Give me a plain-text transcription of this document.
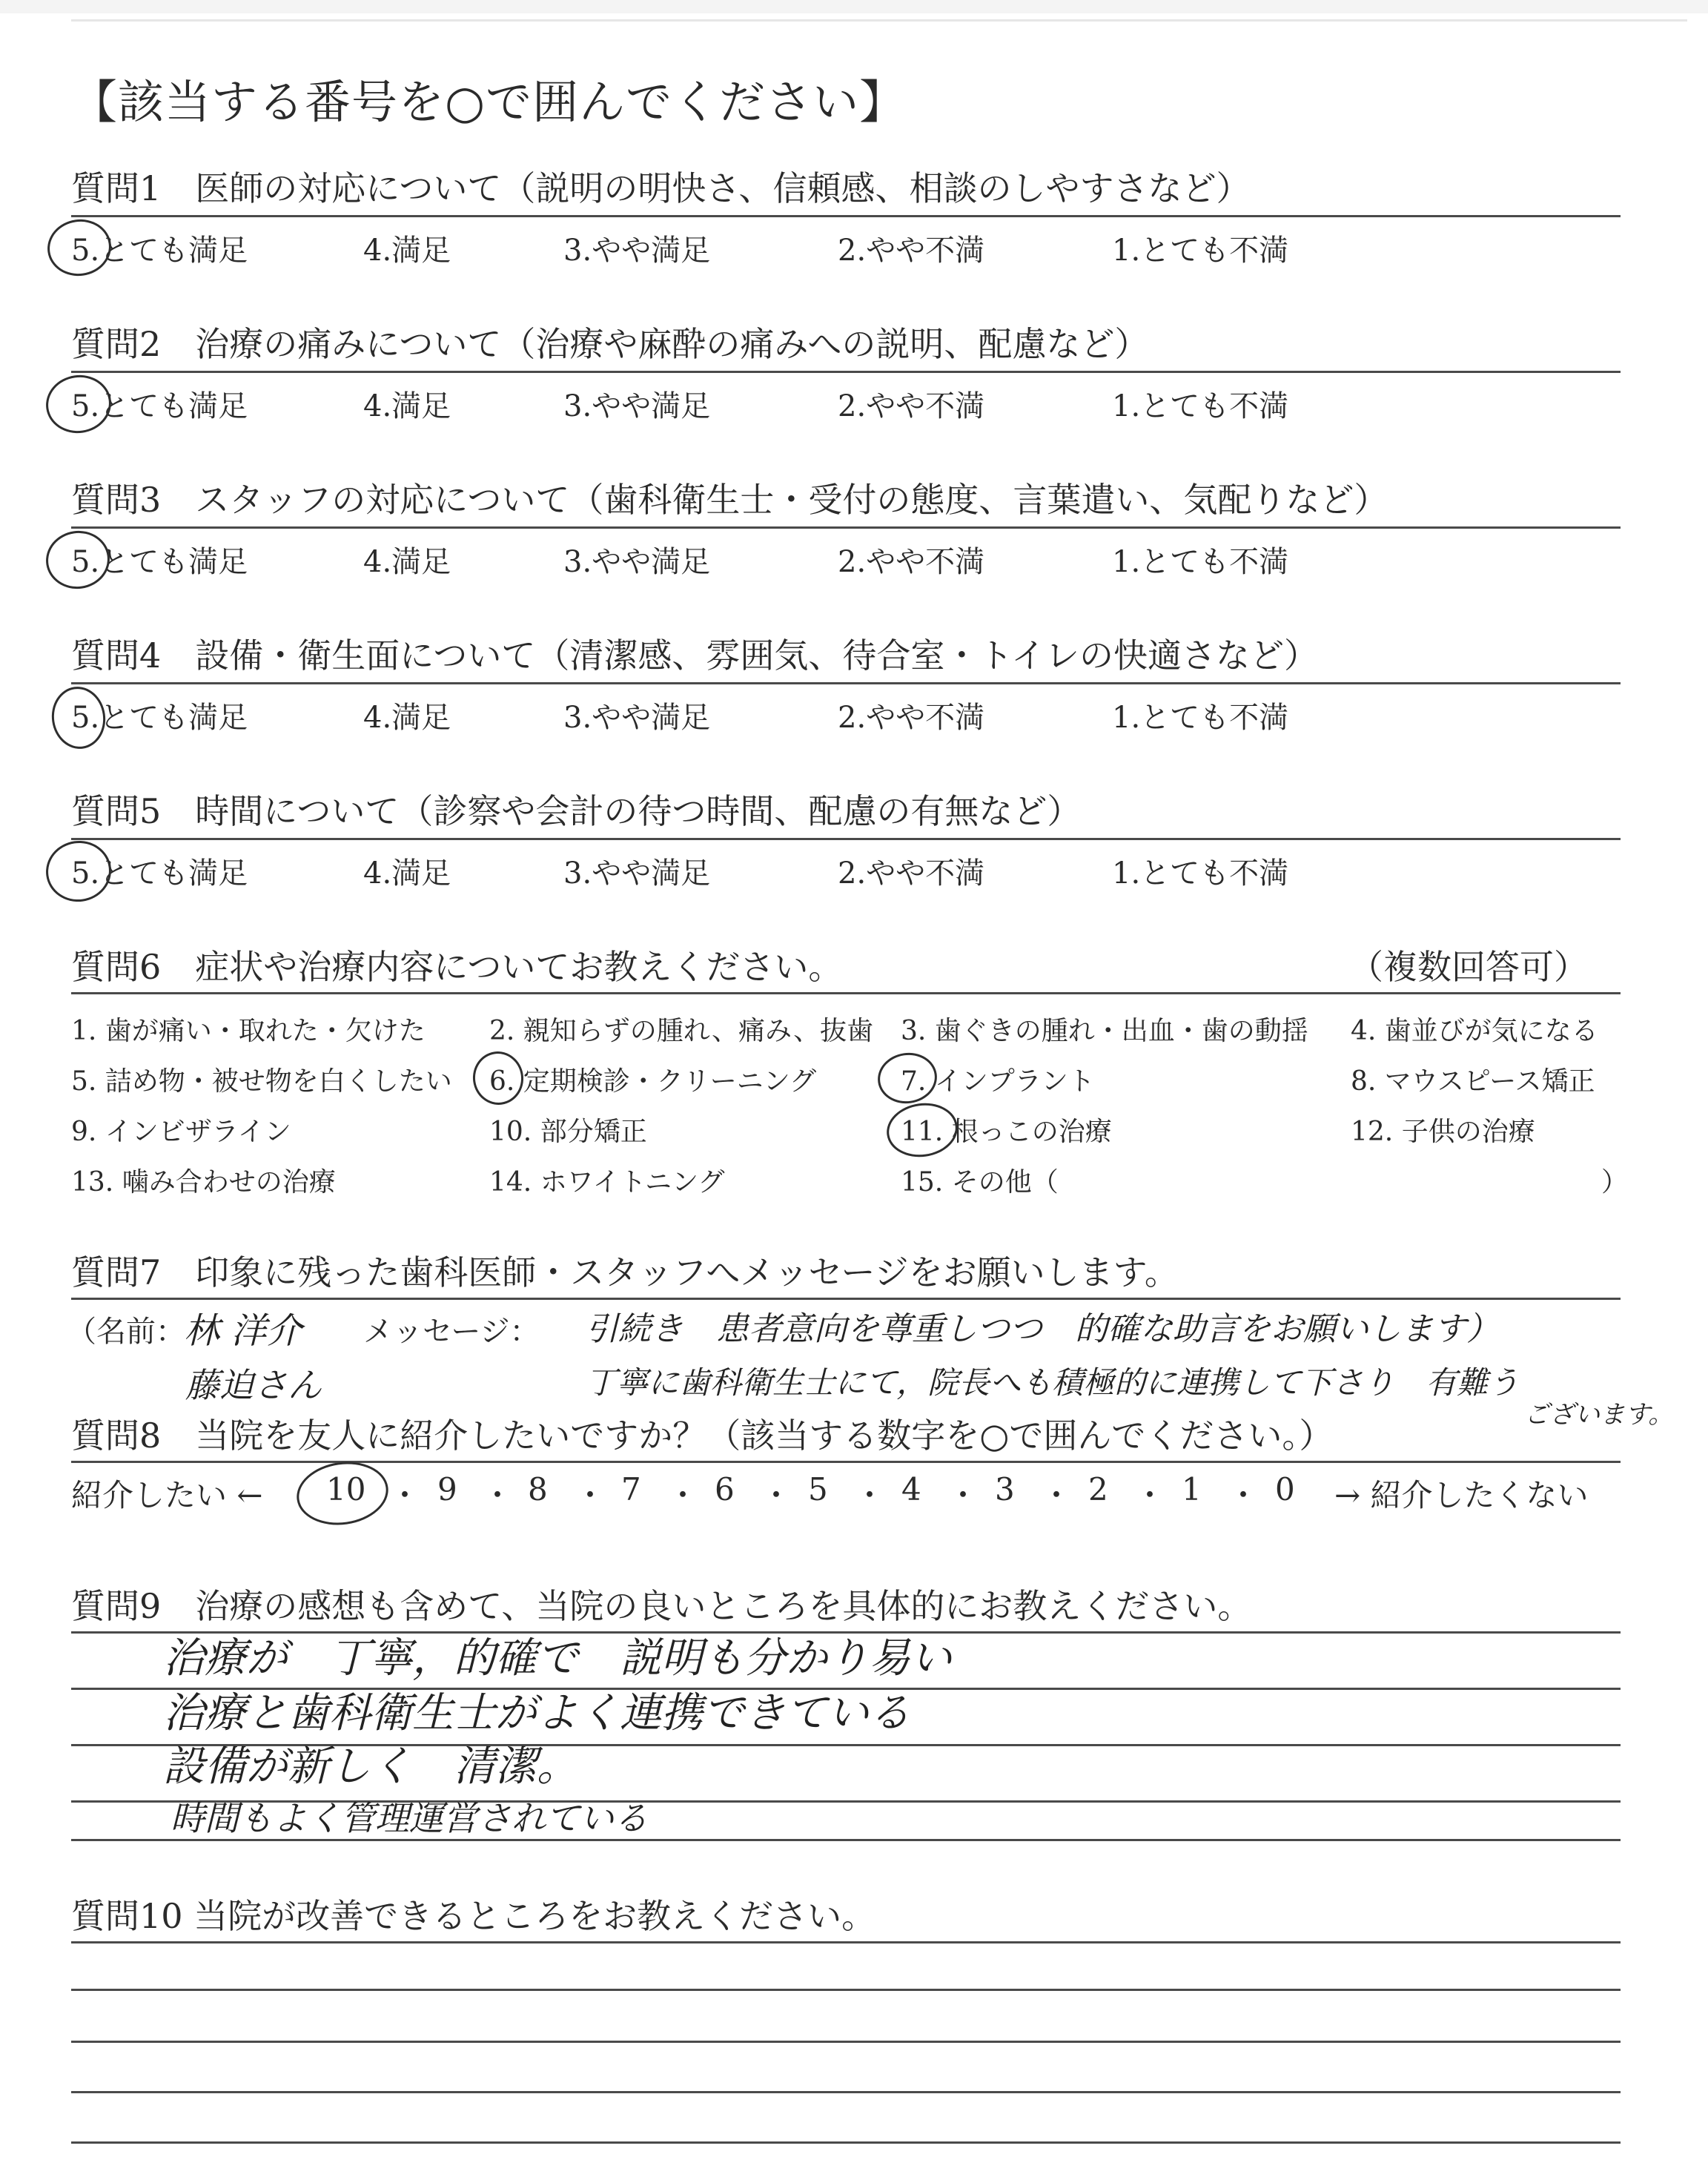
【該当する番号を○で囲んでください】
質問1　医師の対応について（説明の明快さ、信頼感、相談のしやすさなど）
5.とても満足	4.満足	3.やや満足	2.やや不満	1.とても不満
質問2　治療の痛みについて（治療や麻酔の痛みへの説明、配慮など）
5.とても満足	4.満足	3.やや満足	2.やや不満	1.とても不満
質問3　スタッフの対応について（歯科衛生士・受付の態度、言葉遣い、気配りなど）
5.とても満足	4.満足	3.やや満足	2.やや不満	1.とても不満
質問4　設備・衛生面について（清潔感、雰囲気、待合室・トイレの快適さなど）
5.とても満足	4.満足	3.やや満足	2.やや不満	1.とても不満
質問5　時間について（診察や会計の待つ時間、配慮の有無など）
5.とても満足	4.満足	3.やや満足	2.やや不満	1.とても不満
質問6　症状や治療内容についてお教えください。	（複数回答可）
1. 歯が痛い・取れた・欠けた 2. 親知らずの腫れ、痛み、抜歯 3. 歯ぐきの腫れ・出血・歯の動揺 4. 歯並びが気になる
5. 詰め物・被せ物を白くしたい 6. 定期検診・クリーニング	7. インプラント	8. マウスピース矯正
9. インビザライン	10. 部分矯正	11. 根っこの治療	12. 子供の治療
13. 噛み合わせの治療	14. ホワイトニング	15. その他（	）
質問7　印象に残った歯科医師・スタッフへメッセージをお願いします。
（名前：	メッセージ：
林 洋介	引続き　患者意向を尊重しつつ　的確な助言をお願いします）
藤迫さん	丁寧に歯科衛生士にて，院長へも積極的に連携して下さり　有難う
ございます。
質問8　当院を友人に紹介したいですか？（該当する数字を○で囲んでください。）
紹介したい ← 10 ・ 9 ・ 8 ・ 7 ・ 6 ・ 5 ・ 4 ・ 3 ・ 2 ・ 1 ・ 0 → 紹介したくない
質問9　治療の感想も含めて、当院の良いところを具体的にお教えください。
治療が　丁寧，的確で　説明も分かり易い
治療と歯科衛生士がよく連携できている
設備が新しく　清潔。
時間もよく管理運営されている
質問10 当院が改善できるところをお教えください。
